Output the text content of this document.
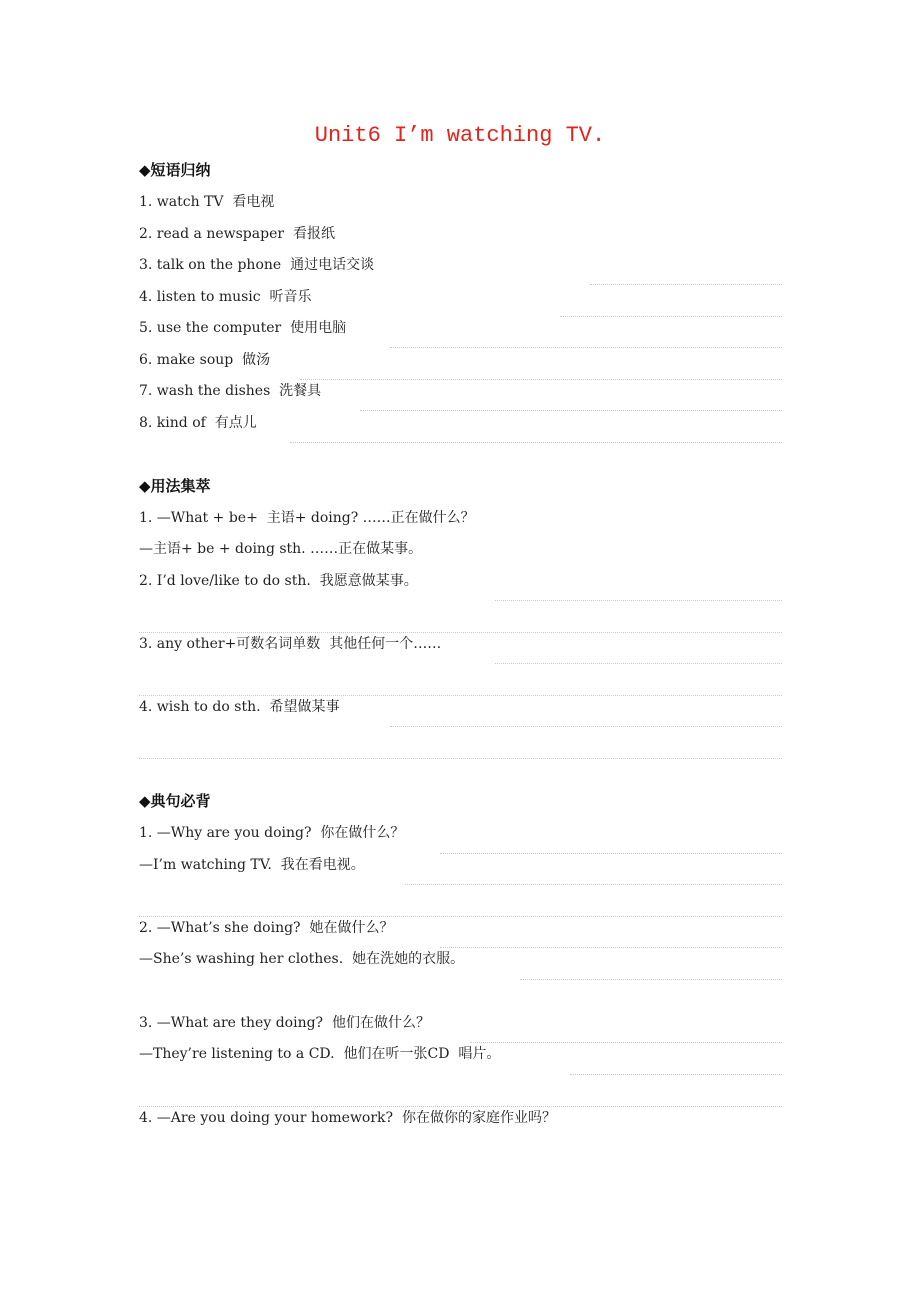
Unit6 I’m watching TV.
◆短语归纳
1. watch TV  看电视
2. read a newspaper  看报纸
3. talk on the phone  通过电话交谈
4. listen to music  听音乐
5. use the computer  使用电脑
6. make soup  做汤
7. wash the dishes  洗餐具
8. kind of  有点儿
◆用法集萃
1. —What + be+  主语+ doing? ……正在做什么？
—主语+ be + doing sth. ……正在做某事。
2. I’d love/like to do sth.  我愿意做某事。
3. any other+可数名词单数  其他任何一个……
4. wish to do sth.  希望做某事
◆典句必背
1. —Why are you doing?  你在做什么？
—I’m watching TV.  我在看电视。
2. —What’s she doing?  她在做什么？
—She’s washing her clothes.  她在洗她的衣服。
3. —What are they doing?  他们在做什么？
—They’re listening to a CD.  他们在听一张CD  唱片。
4. —Are you doing your homework?  你在做你的家庭作业吗？
